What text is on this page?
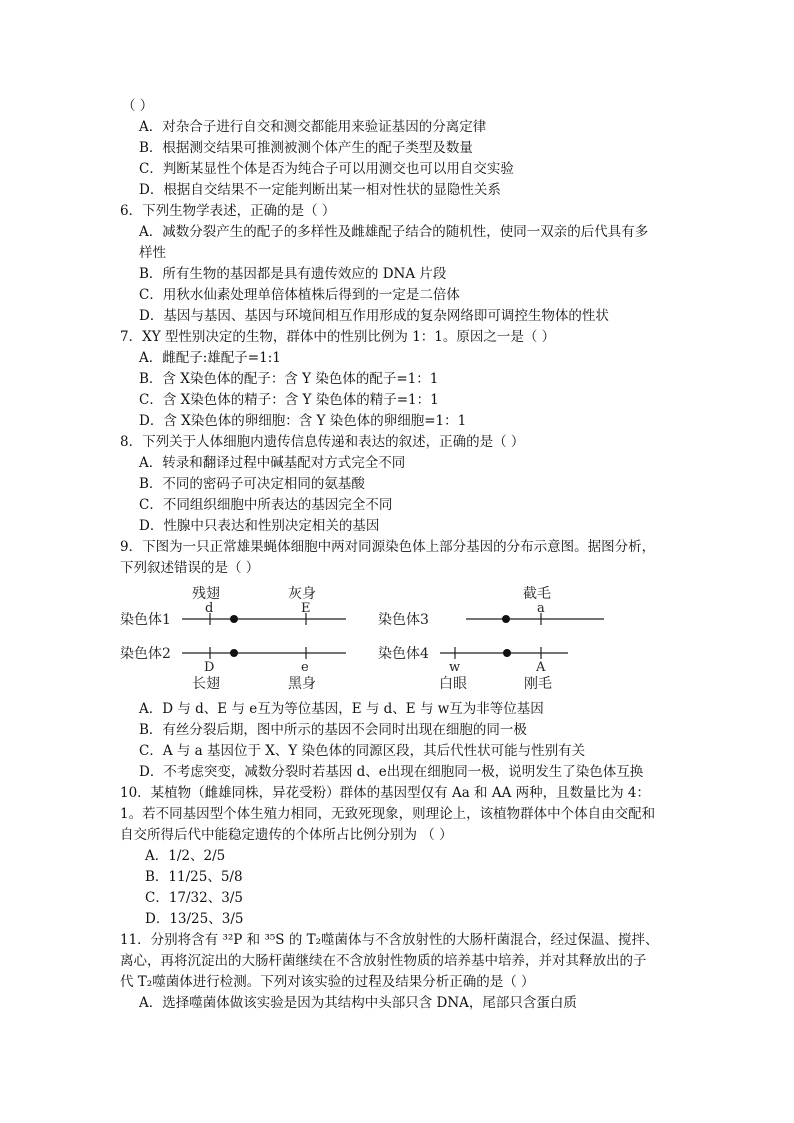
（ ）
A．对杂合子进行自交和测交都能用来验证基因的分离定律
B．根据测交结果可推测被测个体产生的配子类型及数量
C．判断某显性个体是否为纯合子可以用测交也可以用自交实验
D．根据自交结果不一定能判断出某一相对性状的显隐性关系
6．下列生物学表述，正确的是（ ）
A．减数分裂产生的配子的多样性及雌雄配子结合的随机性，使同一双亲的后代具有多
样性
B．所有生物的基因都是具有遗传效应的 DNA 片段
C．用秋水仙素处理单倍体植株后得到的一定是二倍体
D．基因与基因、基因与环境间相互作用形成的复杂网络即可调控生物体的性状
7．XY 型性别决定的生物，群体中的性别比例为 1：1。原因之一是（ ）
A．雌配子:雄配子=1:1
B．含 X染色体的配子：含 Y 染色体的配子=1：1
C．含 X染色体的精子：含 Y 染色体的精子=1：1
D．含 X染色体的卵细胞：含 Y 染色体的卵细胞=1：1
8．下列关于人体细胞内遗传信息传递和表达的叙述，正确的是（ ）
A．转录和翻译过程中碱基配对方式完全不同
B．不同的密码子可决定相同的氨基酸
C．不同组织细胞中所表达的基因完全不同
D．性腺中只表达和性别决定相关的基因
9．下图为一只正常雄果蝇体细胞中两对同源染色体上部分基因的分布示意图。据图分析，
下列叙述错误的是（ ）
染色体1
残翅	灰身
d	E
染色体2
D	e
长翅	黑身
染色体3
截毛
a
染色体4
w	A
白眼	刚毛
A．D 与 d、E 与 e互为等位基因，E 与 d、E 与 w互为非等位基因
B．有丝分裂后期，图中所示的基因不会同时出现在细胞的同一极
C．A 与 a 基因位于 X、Y 染色体的同源区段，其后代性状可能与性别有关
D．不考虑突变，减数分裂时若基因 d、e出现在细胞同一极，说明发生了染色体互换
10．某植物（雌雄同株，异花受粉）群体的基因型仅有 Aa 和 AA 两种，且数量比为 4：
1。若不同基因型个体生殖力相同，无致死现象，则理论上，该植物群体中个体自由交配和
自交所得后代中能稳定遗传的个体所占比例分别为 （ ）
A．1/2、2/5
B．11/25、5/8
C．17/32、3/5
D．13/25、3/5
11．分别将含有 ³²P 和 ³⁵S 的 T₂噬菌体与不含放射性的大肠杆菌混合，经过保温、搅拌、
离心，再将沉淀出的大肠杆菌继续在不含放射性物质的培养基中培养，并对其释放出的子
代 T₂噬菌体进行检测。下列对该实验的过程及结果分析正确的是（ ）
A．选择噬菌体做该实验是因为其结构中头部只含 DNA，尾部只含蛋白质
